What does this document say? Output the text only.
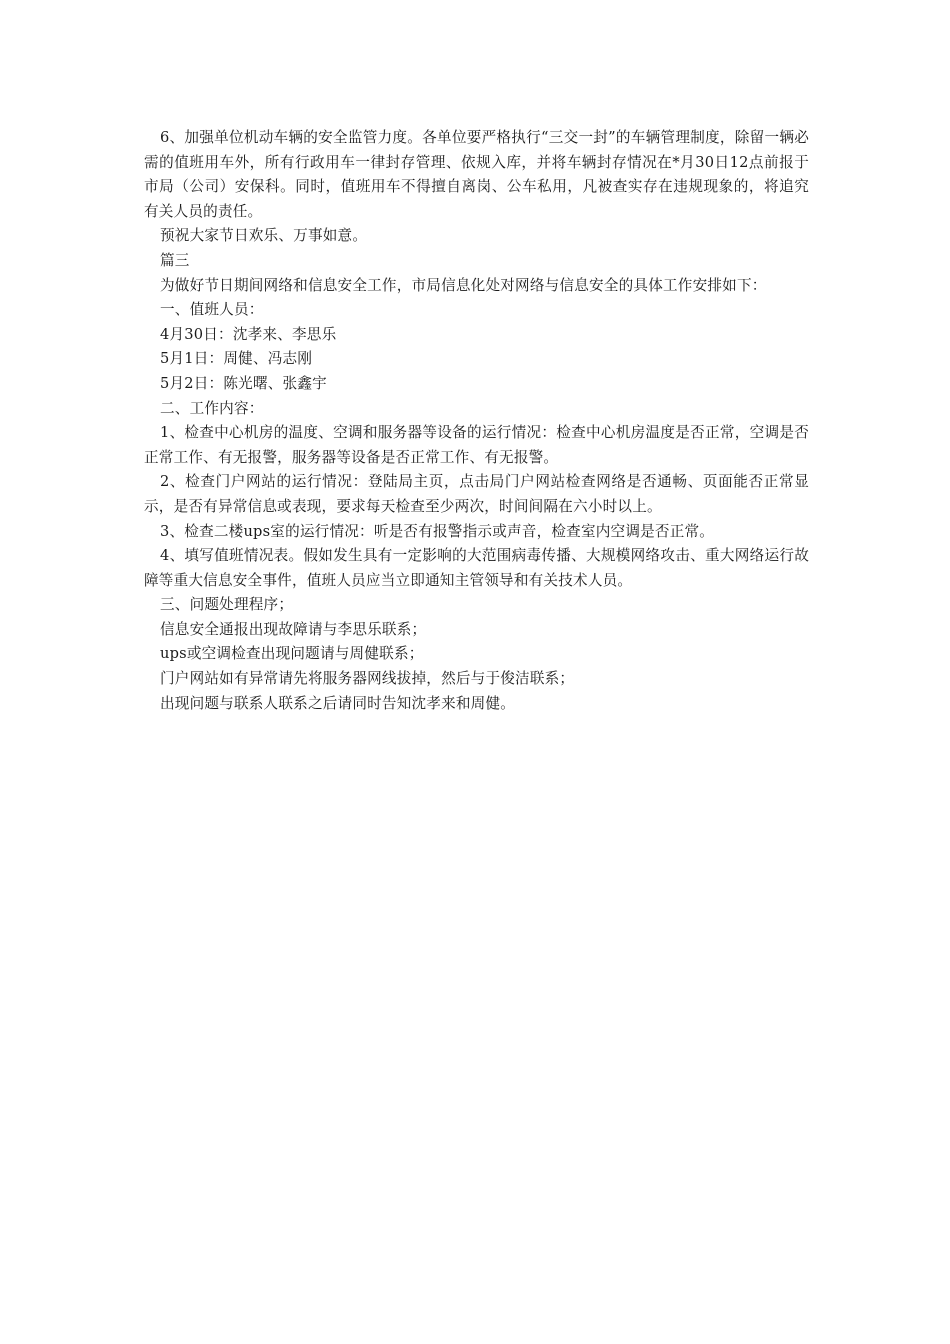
6、加强单位机动车辆的安全监管力度。各单位要严格执行“三交一封”的车辆管理制度，除留一辆必需的值班用车外，所有行政用车一律封存管理、依规入库，并将车辆封存情况在*月30日12点前报于市局（公司）安保科。同时，值班用车不得擅自离岗、公车私用，凡被查实存在违规现象的，将追究有关人员的责任。

预祝大家节日欢乐、万事如意。

篇三

为做好节日期间网络和信息安全工作，市局信息化处对网络与信息安全的具体工作安排如下：

一、值班人员：

4月30日：沈孝来、李思乐

5月1日：周健、冯志刚

5月2日：陈光曙、张鑫宇

二、工作内容：

1、检查中心机房的温度、空调和服务器等设备的运行情况：检查中心机房温度是否正常，空调是否正常工作、有无报警，服务器等设备是否正常工作、有无报警。

2、检查门户网站的运行情况：登陆局主页，点击局门户网站检查网络是否通畅、页面能否正常显示，是否有异常信息或表现，要求每天检查至少两次，时间间隔在六小时以上。

3、检查二楼ups室的运行情况：听是否有报警指示或声音，检查室内空调是否正常。

4、填写值班情况表。假如发生具有一定影响的大范围病毒传播、大规模网络攻击、重大网络运行故障等重大信息安全事件，值班人员应当立即通知主管领导和有关技术人员。

三、问题处理程序；

信息安全通报出现故障请与李思乐联系；

ups或空调检查出现问题请与周健联系；

门户网站如有异常请先将服务器网线拔掉，然后与于俊洁联系；

出现问题与联系人联系之后请同时告知沈孝来和周健。
